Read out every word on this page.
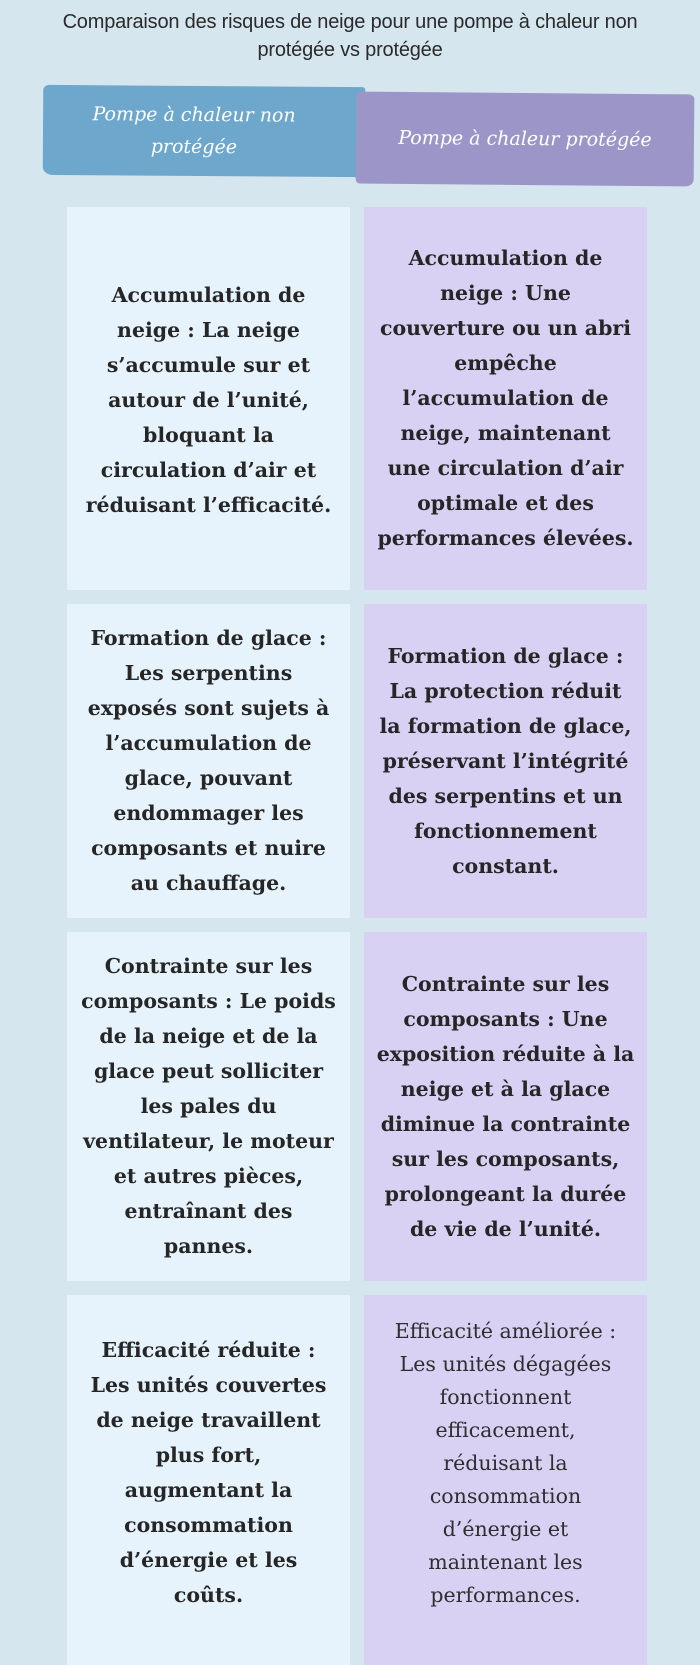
Comparaison des risques de neige pour une pompe à chaleur non protégée vs protégée
Pompe à chaleur non protégée	Pompe à chaleur protégée
Accumulation de neige : La neige s’accumule sur et autour de l’unité, bloquant la circulation d’air et réduisant l’efficacité.
Accumulation de neige : Une couverture ou un abri empêche l’accumulation de neige, maintenant une circulation d’air optimale et des performances élevées.
Formation de glace : Les serpentins exposés sont sujets à l’accumulation de glace, pouvant endommager les composants et nuire au chauffage.
Formation de glace : La protection réduit la formation de glace, préservant l’intégrité des serpentins et un fonctionnement constant.
Contrainte sur les composants : Le poids de la neige et de la glace peut solliciter les pales du ventilateur, le moteur et autres pièces, entraînant des pannes.
Contrainte sur les composants : Une exposition réduite à la neige et à la glace diminue la contrainte sur les composants, prolongeant la durée de vie de l’unité.
Efficacité réduite : Les unités couvertes de neige travaillent plus fort, augmentant la consommation d’énergie et les coûts.
Efficacité améliorée : Les unités dégagées fonctionnent efficacement, réduisant la consommation d’énergie et maintenant les performances.
